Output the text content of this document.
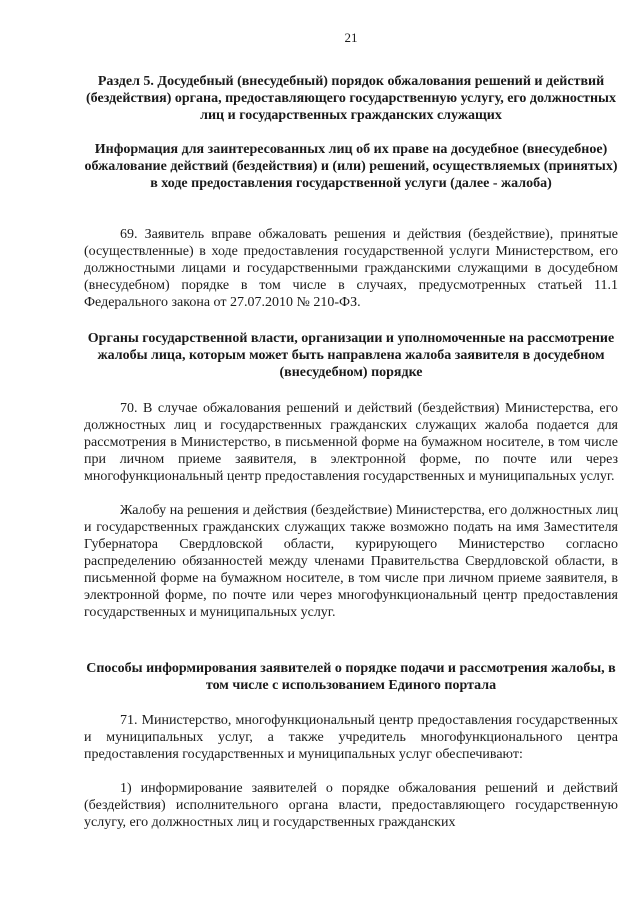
21
Раздел 5. Досудебный (внесудебный) порядок обжалования решений и действий (бездействия) органа, предоставляющего государственную услугу, его должностных лиц и государственных гражданских служащих
Информация для заинтересованных лиц об их праве на досудебное (внесудебное) обжалование действий (бездействия) и (или) решений, осуществляемых (принятых) в ходе предоставления государственной услуги (далее - жалоба)
69. Заявитель вправе обжаловать решения и действия (бездействие), принятые (осуществленные) в ходе предоставления государственной услуги Министерством, его должностными лицами и государственными гражданскими служащими в досудебном (внесудебном) порядке в том числе в случаях, предусмотренных статьей 11.1 Федерального закона от 27.07.2010 № 210-ФЗ.
Органы государственной власти, организации и уполномоченные на рассмотрение жалобы лица, которым может быть направлена жалоба заявителя в досудебном (внесудебном) порядке
70. В случае обжалования решений и действий (бездействия) Министерства, его должностных лиц и государственных гражданских служащих жалоба подается для рассмотрения в Министерство, в письменной форме на бумажном носителе, в том числе при личном приеме заявителя, в электронной форме, по почте или через многофункциональный центр предоставления государственных и муниципальных услуг.
Жалобу на решения и действия (бездействие) Министерства, его должностных лиц и государственных гражданских служащих также возможно подать на имя Заместителя Губернатора Свердловской области, курирующего Министерство согласно распределению обязанностей между членами Правительства Свердловской области, в письменной форме на бумажном носителе, в том числе при личном приеме заявителя, в электронной форме, по почте или через многофункциональный центр предоставления государственных и муниципальных услуг.
Способы информирования заявителей о порядке подачи и рассмотрения жалобы, в том числе с использованием Единого портала
71. Министерство, многофункциональный центр предоставления государственных и муниципальных услуг, а также учредитель многофункционального центра предоставления государственных и муниципальных услуг обеспечивают:
1) информирование заявителей о порядке обжалования решений и действий (бездействия) исполнительного органа власти, предоставляющего государственную услугу, его должностных лиц и государственных гражданских
